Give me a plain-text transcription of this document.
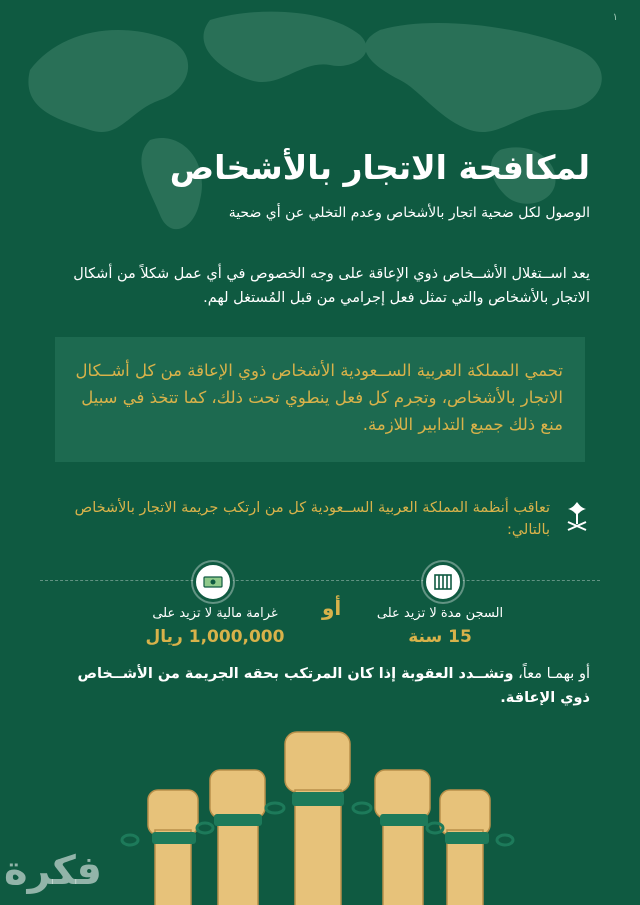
١
لمكافحة الاتجار بالأشخاص
الوصول لكل ضحية اتجار بالأشخاص وعدم التخلي عن أي ضحية
يعد اســتغلال الأشــخاص ذوي الإعاقة على وجه الخصوص في أي عمل شكلاً من أشكال الاتجار بالأشخاص والتي تمثل فعل إجرامي من قبل المُستغل لهم.
تحمي المملكة العربية الســعودية الأشخاص ذوي الإعاقة من كل أشــكال الاتجار بالأشخاص، وتجرم كل فعل ينطوي تحت ذلك، كما تتخذ في سبيل منع ذلك جميع التدابير اللازمة.
تعاقب أنظمة المملكة العربية الســعودية كل من ارتكب جريمة الاتجار بالأشخاص بالتالي:
السجن مدة لا تزيد على
15 سنة
أو
غرامة مالية لا تزيد على
1,000,000 ريال
أو بهمـا معاً، وتشــدد العقوبة إذا كان المرتكب بحقه الجريمة من الأشــخاص ذوي الإعاقة.
فكرة
